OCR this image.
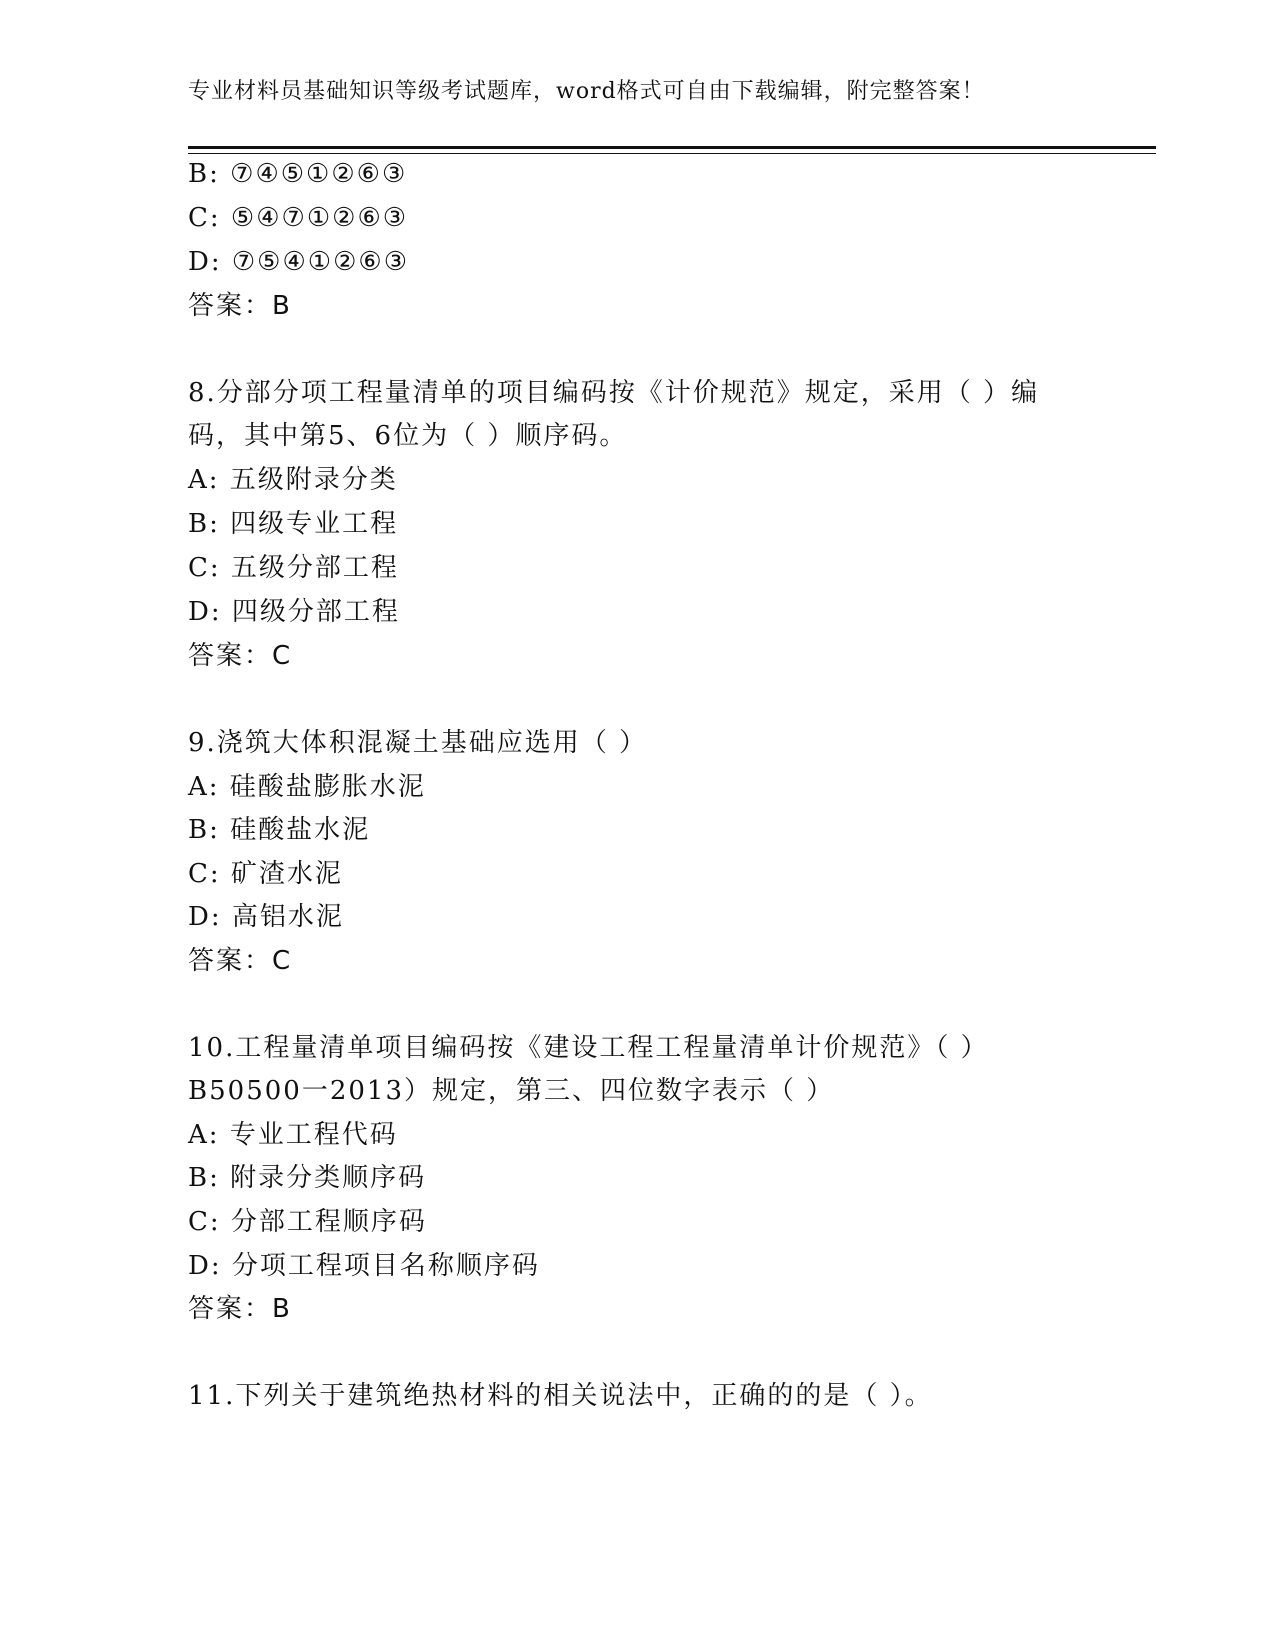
专业材料员基础知识等级考试题库，word格式可自由下载编辑，附完整答案！
B: ⑦④⑤①②⑥③
C: ⑤④⑦①②⑥③
D: ⑦⑤④①②⑥③
答案：B
8.分部分项工程量清单的项目编码按《计价规范》规定，采用（ ）编
码，其中第5、6位为（ ）顺序码。
A: 五级附录分类
B: 四级专业工程
C: 五级分部工程
D: 四级分部工程
答案：C
9.浇筑大体积混凝土基础应选用（ ）
A: 硅酸盐膨胀水泥
B: 硅酸盐水泥
C: 矿渣水泥
D: 高铝水泥
答案：C
10.工程量清单项目编码按《建设工程工程量清单计价规范》（ ）
B50500一2013）规定，第三、四位数字表示（ ）
A: 专业工程代码
B: 附录分类顺序码
C: 分部工程顺序码
D: 分项工程项目名称顺序码
答案：B
11.下列关于建筑绝热材料的相关说法中，正确的的是（ ）。
